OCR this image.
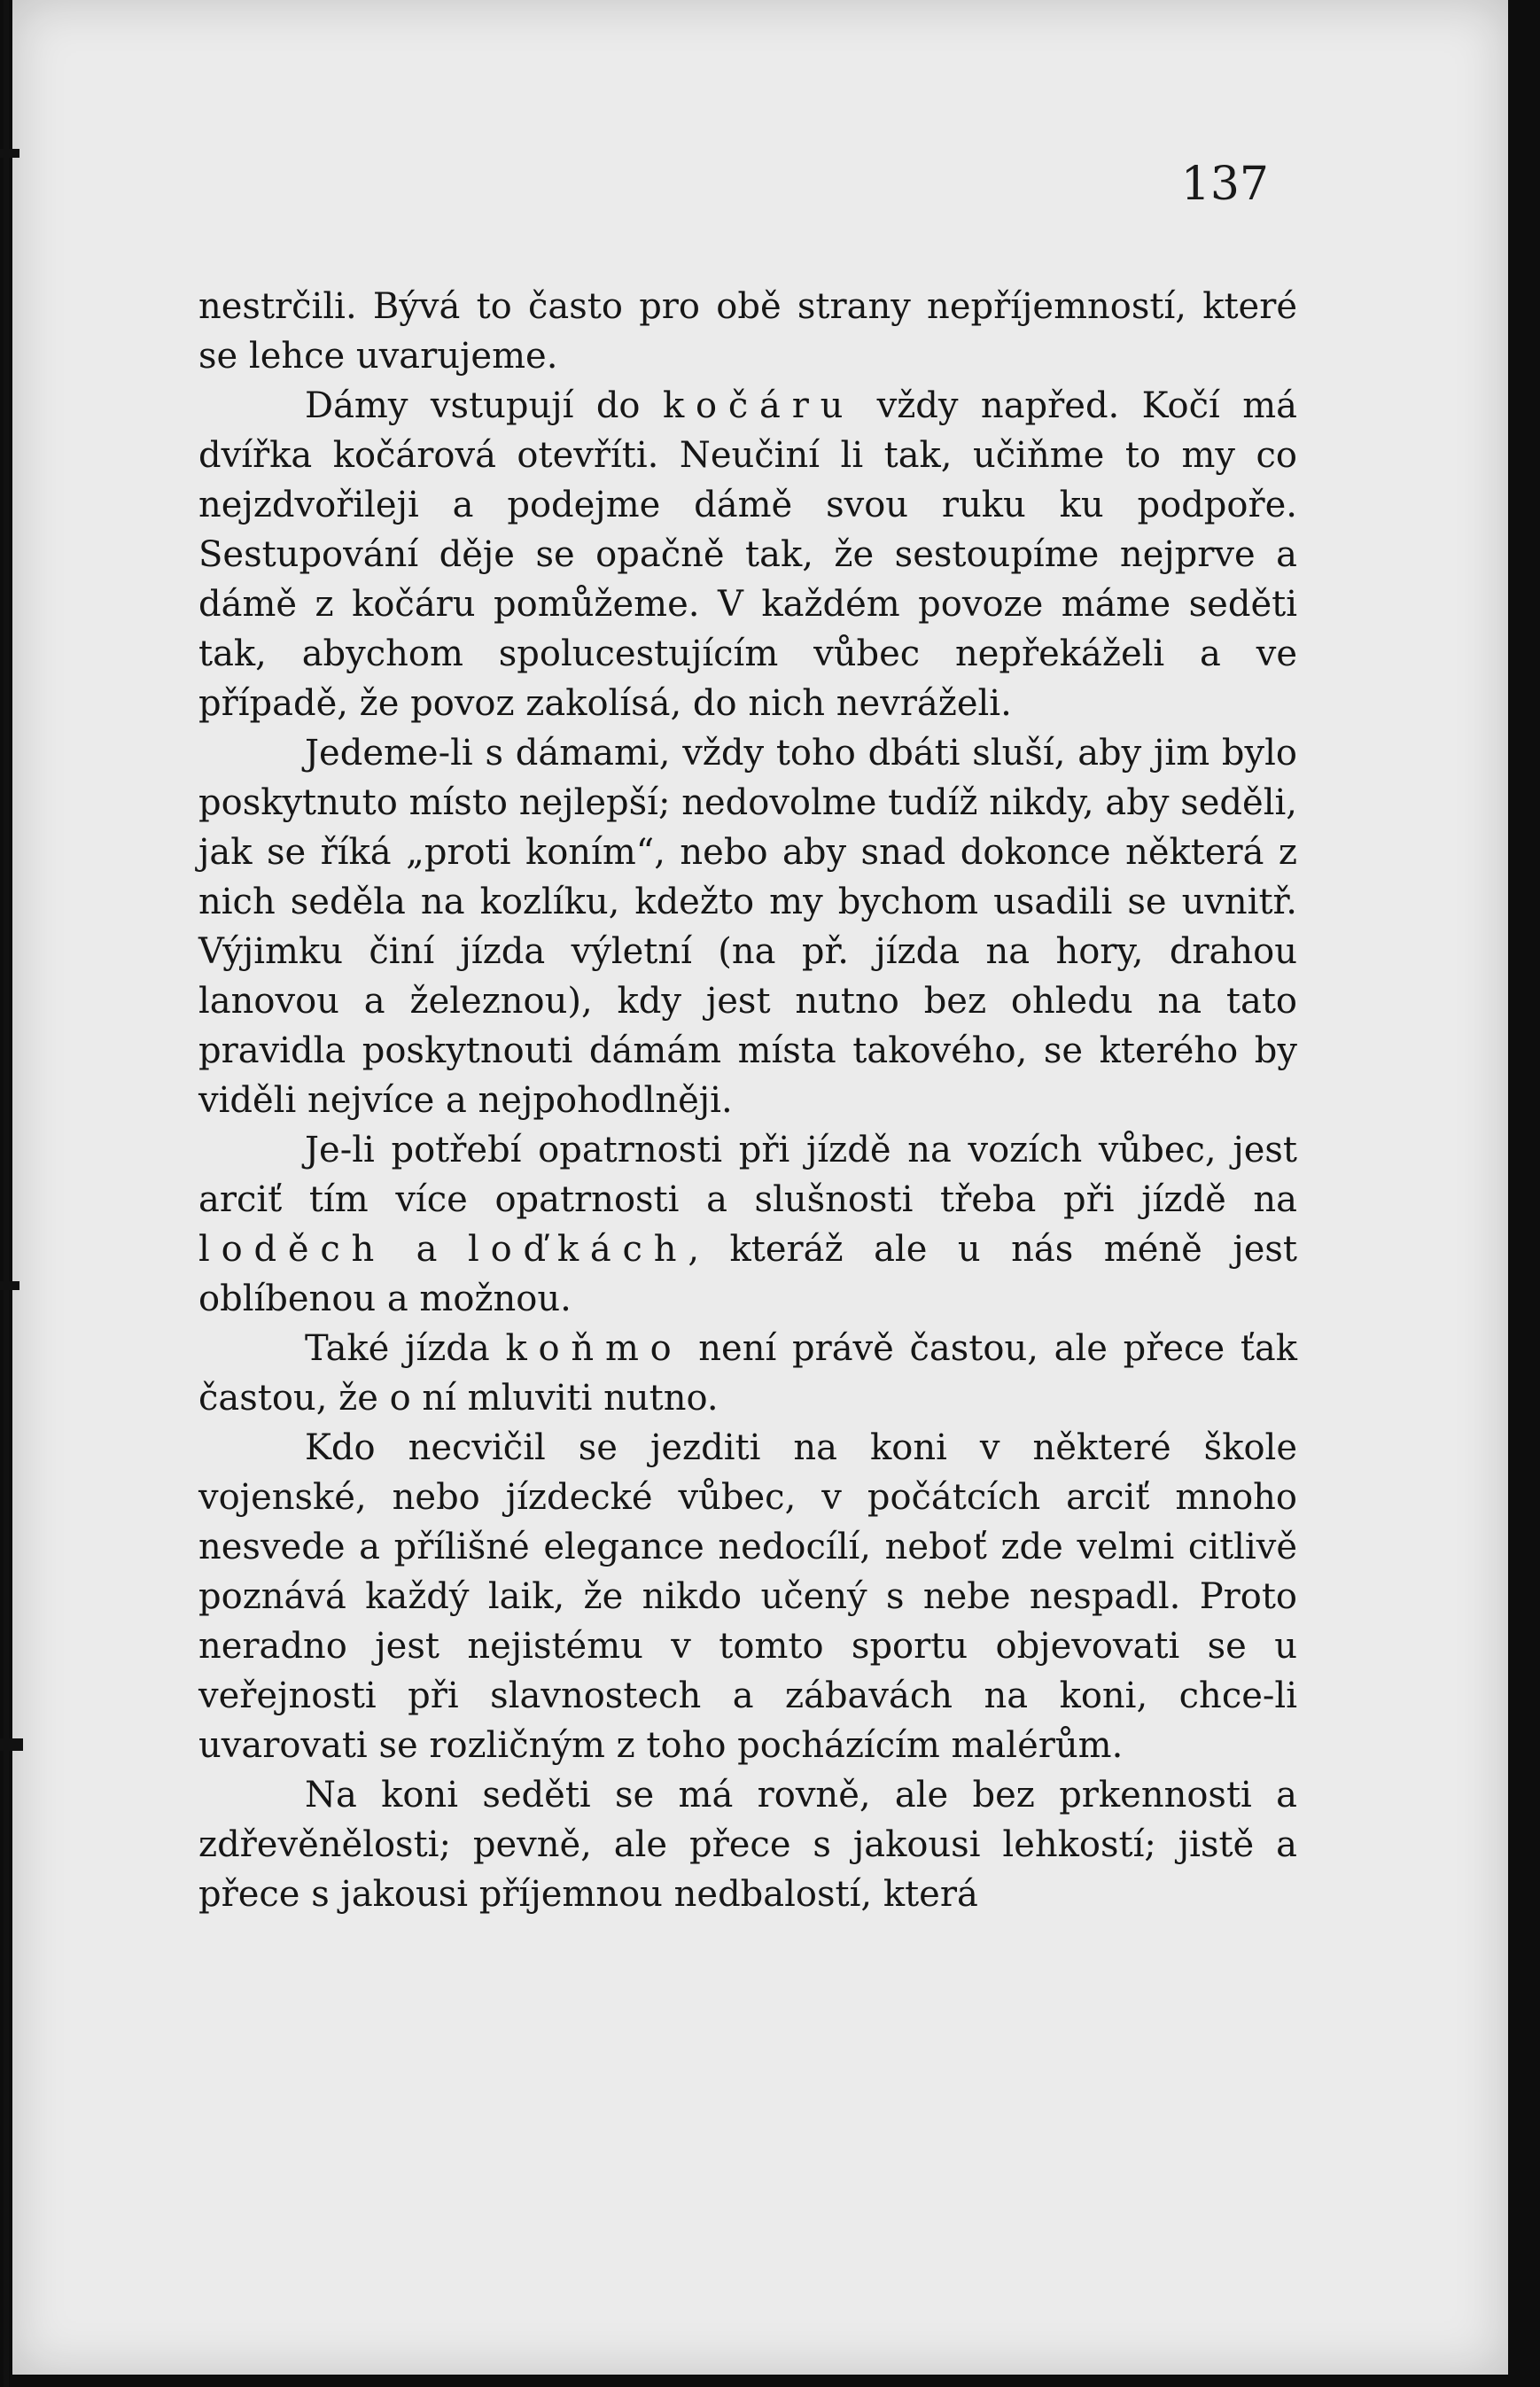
137

nestrčili. Bývá to často pro obě strany nepříjemností, které se lehce uvarujeme.

Dámy vstupují do kočáru vždy napřed. Kočí má dvířka kočárová otevříti. Neučiní li tak, učiňme to my co nejzdvořileji a podejme dámě svou ruku ku podpoře. Sestupování děje se opačně tak, že sestoupíme nejprve a dámě z kočáru pomůžeme. V každém povoze máme seděti tak, abychom spolucestujícím vůbec nepřekáželi a ve případě, že povoz zakolísá, do nich nevráželi.

Jedeme-li s dámami, vždy toho dbáti sluší, aby jim bylo poskytnuto místo nejlepší; nedovolme tudíž nikdy, aby seděli, jak se říká „proti koním“, nebo aby snad dokonce některá z nich seděla na kozlíku, kdežto my bychom usadili se uvnitř. Výjimku činí jízda výletní (na př. jízda na hory, drahou lanovou a železnou), kdy jest nutno bez ohledu na tato pravidla poskytnouti dámám místa takového, se kterého by viděli nejvíce a nejpohodlněji.

Je-li potřebí opatrnosti při jízdě na vozích vůbec, jest arciť tím více opatrnosti a slušnosti třeba při jízdě na loděch a loďkách, kteráž ale u nás méně jest oblíbenou a možnou.

Také jízda koňmo není právě častou, ale přece ťak častou, že o ní mluviti nutno.

Kdo necvičil se jezditi na koni v některé škole vojenské, nebo jízdecké vůbec, v počátcích arciť mnoho nesvede a přílišné elegance nedocílí, neboť zde velmi citlivě poznává každý laik, že nikdo učený s nebe nespadl. Proto neradno jest nejistému v tomto sportu objevovati se u veřejnosti při slavnostech a zábavách na koni, chce-li uvarovati se rozličným z toho pocházícím malérům.

Na koni seděti se má rovně, ale bez prkennosti a zdřevěnělosti; pevně, ale přece s jakousi lehkostí; jistě a přece s jakousi příjemnou nedbalostí, která
